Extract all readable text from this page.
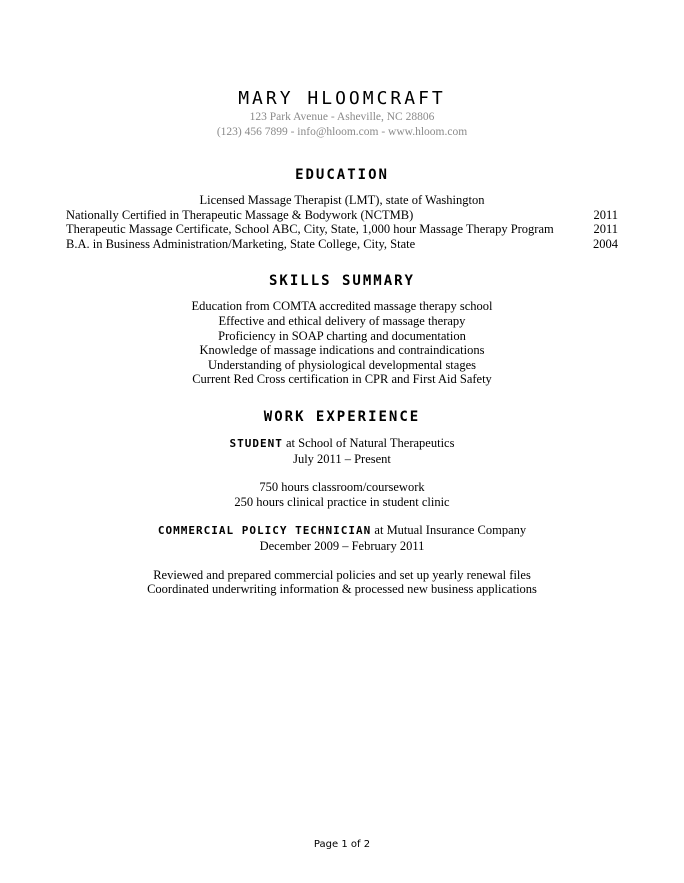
MARY HLOOMCRAFT
123 Park Avenue - Asheville, NC 28806
(123) 456 7899 - info@hloom.com - www.hloom.com
EDUCATION
Licensed Massage Therapist (LMT), state of Washington
Nationally Certified in Therapeutic Massage & Bodywork (NCTMB)	2011
Therapeutic Massage Certificate, School ABC, City, State, 1,000 hour Massage Therapy Program	2011
B.A. in Business Administration/Marketing, State College, City, State	2004
SKILLS SUMMARY
Education from COMTA accredited massage therapy school
Effective and ethical delivery of massage therapy
Proficiency in SOAP charting and documentation
Knowledge of massage indications and contraindications
Understanding of physiological developmental stages
Current Red Cross certification in CPR and First Aid Safety
WORK EXPERIENCE
STUDENT at School of Natural Therapeutics
July 2011 – Present
750 hours classroom/coursework
250 hours clinical practice in student clinic
COMMERCIAL POLICY TECHNICIAN at Mutual Insurance Company
December 2009 – February 2011
Reviewed and prepared commercial policies and set up yearly renewal files
Coordinated underwriting information & processed new business applications
Page 1 of 2
